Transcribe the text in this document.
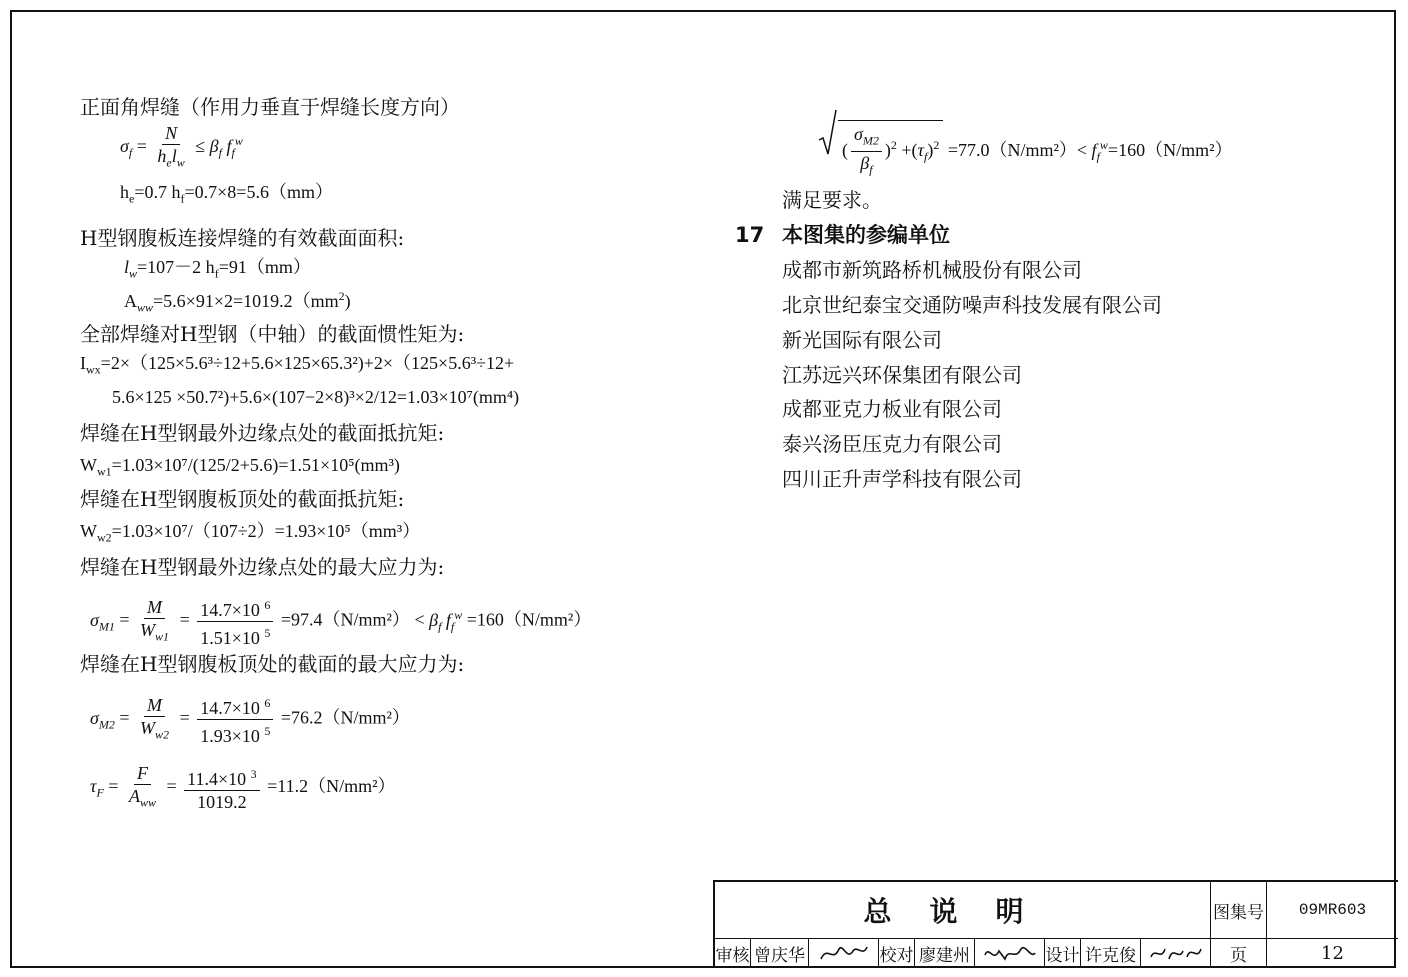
正面角焊缝（作用力垂直于焊缝长度方向）
$\sigma_f = \frac{N}{h_el_w} \le \beta_f$ $f_f^w$
$h_e=0.7$ $h_f=0.7\times 8=5.6(mm)$
H型钢腹板连接焊缝的有效截面面积:
$l_w=107-2$ $h_f=91(mm)$
$A_{ww}=5.6\times 91\times 2=1019.2(mm^2)$
全部焊缝对H型钢（中轴）的截面惯性矩为:
$I_{wx}=2\times(125\times 5.6^3\div 12+5.6\times 125\times 65.3^2)+2\times(125\times 5.6^3\div 12+$
5.6×125 ×50.7²)+5.6×(107−2×8)³×2/12=1.03×10⁷(mm⁴)
焊缝在H型钢最外边缘点处的截面抵抗矩:
$W_{w1}=1.03\times 10^7/(125/2+5.6)=1.51\times 10^5(mm^3)$
焊缝在H型钢腹板顶处的截面抵抗矩:
$W_{w2}=1.03\times 10^7/(107\div 2)=1.93\times 10^5(mm^3)$
焊缝在H型钢最外边缘点处的最大应力为:
$\sigma_{M1} = \frac{M}{W_{w1}} = \frac{14.7\times 10 ^6}{1.51\times 10 ^5} =97.4(N/mm^2) < \beta_f$ $f_f^w =160(N/mm^2)$
焊缝在H型钢腹板顶处的截面的最大应力为:
$\sigma_{M2} = \frac{M}{W_{w2}} = \frac{14.7\times 10 ^6}{1.93\times 10 ^5} =76.2(N/mm^2)$
$\tau_F = \frac{F}{A_{ww}} = \frac{11.4\times 10 ^3}{1019.2} =11.2(N/mm^2)$
( $\frac{\sigma_{M2}}{\beta_f} )^2 +(\tau_f)^2 =77.0(N/mm^2)< f_f^w=160(N/mm^2)$
满足要求。
17 本图集的参编单位
成都市新筑路桥机械股份有限公司
北京世纪泰宝交通防噪声科技发展有限公司
新光国际有限公司
江苏远兴环保集团有限公司
成都亚克力板业有限公司
泰兴汤臣压克力有限公司
四川正升声学科技有限公司
总说明	图集号 09MR603
审核 曾庆华	校对 廖建州	设计 许克俊	页	12
